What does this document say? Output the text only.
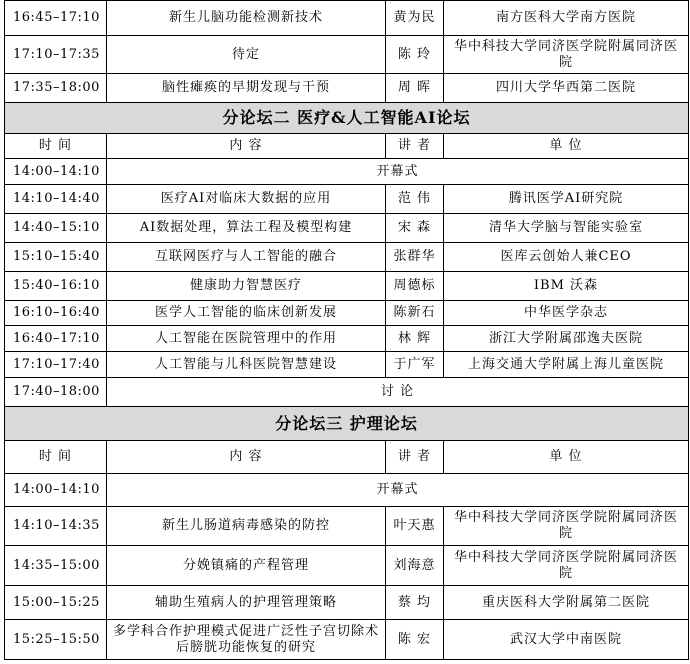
16:45–17:10	新生儿脑功能检测新技术	黄为民	南方医科大学南方医院
17:10–17:35	待定	陈 玲	华中科技大学同济医学院附属同济医院
17:35–18:00	脑性瘫痪的早期发现与干预	周 晖	四川大学华西第二医院
分论坛二 医疗&人工智能AI论坛			
时 间	内 容	讲 者	单 位
14:00–14:10	开幕式		
14:10–14:40	医疗AI对临床大数据的应用	范 伟	腾讯医学AI研究院
14:40–15:10	AI数据处理，算法工程及模型构建	宋 森	清华大学脑与智能实验室
15:10–15:40	互联网医疗与人工智能的融合	张群华	医库云创始人兼CEO
15:40–16:10	健康助力智慧医疗	周德标	IBM 沃森
16:10–16:40	医学人工智能的临床创新发展	陈新石	中华医学杂志
16:40–17:10	人工智能在医院管理中的作用	林 辉	浙江大学附属邵逸夫医院
17:10–17:40	人工智能与儿科医院智慧建设	于广军	上海交通大学附属上海儿童医院
17:40–18:00	讨 论		
分论坛三 护理论坛			
时 间	内 容	讲 者	单 位
14:00–14:10	开幕式		
14:10–14:35	新生儿肠道病毒感染的防控	叶天惠	华中科技大学同济医学院附属同济医院
14:35–15:00	分娩镇痛的产程管理	刘海意	华中科技大学同济医学院附属同济医院
15:00–15:25	辅助生殖病人的护理管理策略	蔡 均	重庆医科大学附属第二医院
15:25–15:50	多学科合作护理模式促进广泛性子宫切除术后膀胱功能恢复的研究	陈 宏	武汉大学中南医院
